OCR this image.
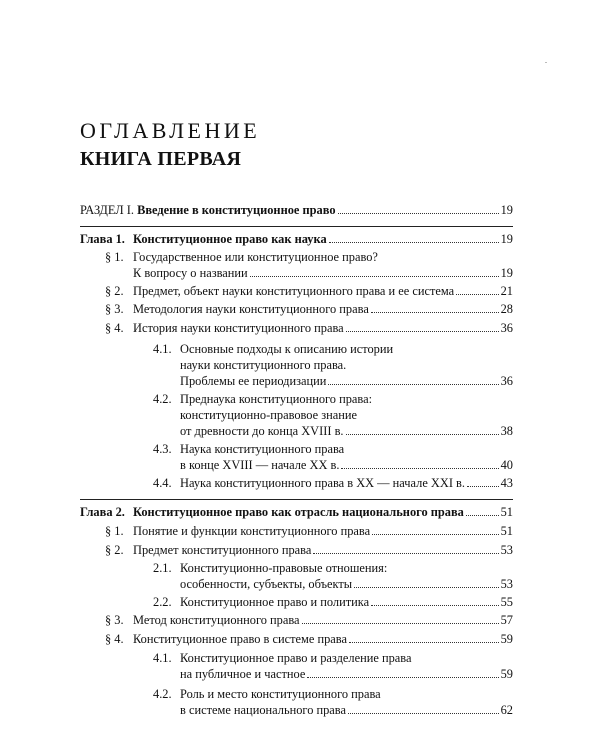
ОГЛАВЛЕНИЕ
КНИГА ПЕРВАЯ
РАЗДЕЛ I. Введение в конституционное право	19
Глава 1. Конституционное право как наука	19
§ 1. Государственное или конституционное право?
К вопросу о названии	19
§ 2. Предмет, объект науки конституционного права и ее система	21
§ 3. Методология науки конституционного права	28
§ 4. История науки конституционного права	36
4.1. Основные подходы к описанию истории
науки конституционного права.
Проблемы ее периодизации	36
4.2. Преднаука конституционного права:
конституционно-правовое знание
от древности до конца XVIII в.	38
4.3. Наука конституционного права
в конце XVIII — начале XX в.	40
4.4. Наука конституционного права в XX — начале XXI в.	43
Глава 2. Конституционное право как отрасль национального права	51
§ 1. Понятие и функции конституционного права	51
§ 2. Предмет конституционного права	53
2.1. Конституционно-правовые отношения:
особенности, субъекты, объекты	53
2.2. Конституционное право и политика	55
§ 3. Метод конституционного права	57
§ 4. Конституционное право в системе права	59
4.1. Конституционное право и разделение права
на публичное и частное	59
4.2. Роль и место конституционного права
в системе национального права	62
